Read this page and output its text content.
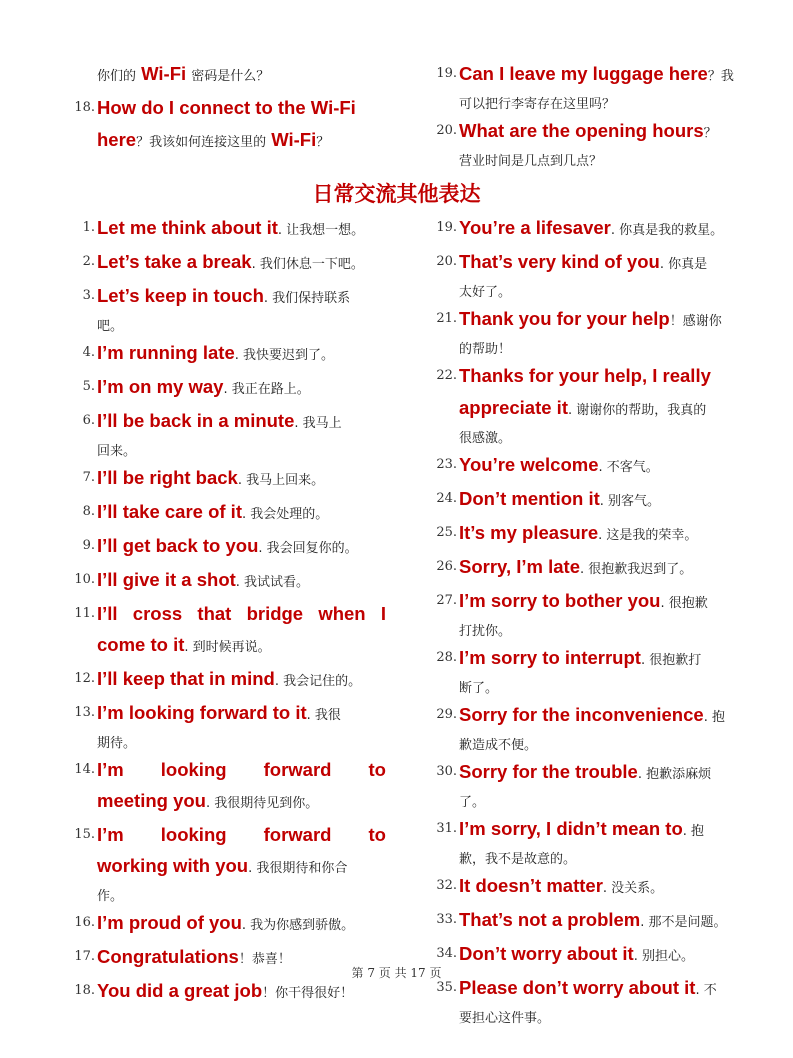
你们的 Wi-Fi 密码是什么？
18. How do I connect to the Wi-Fi
here？我该如何连接这里的 Wi-Fi？
19. Can I leave my luggage here？我
可以把行李寄存在这里吗？
20. What are the opening hours？
营业时间是几点到几点？
日常交流其他表达
1. Let me think about it. 让我想一想。
2. Let’s take a break. 我们休息一下吧。
3. Let’s keep in touch. 我们保持联系
吧。
4. I’m running late. 我快要迟到了。
5. I’m on my way. 我正在路上。
6. I’ll be back in a minute. 我马上
回来。
7. I’ll be right back. 我马上回来。
8. I’ll take care of it. 我会处理的。
9. I’ll get back to you. 我会回复你的。
10. I’ll give it a shot. 我试试看。
11. I’ll cross that bridge when I
come to it. 到时候再说。
12. I’ll keep that in mind. 我会记住的。
13. I’m looking forward to it. 我很
期待。
14. I’m looking forward to
meeting you. 我很期待见到你。
15. I’m looking forward to
working with you. 我很期待和你合
作。
16. I’m proud of you. 我为你感到骄傲。
17. Congratulations！恭喜！
18. You did a great job！你干得很好！
19. You’re a lifesaver. 你真是我的救星。
20. That’s very kind of you. 你真是
太好了。
21. Thank you for your help！感谢你
的帮助！
22. Thanks for your help, I really
appreciate it. 谢谢你的帮助，我真的
很感激。
23. You’re welcome. 不客气。
24. Don’t mention it. 别客气。
25. It’s my pleasure. 这是我的荣幸。
26. Sorry, I’m late. 很抱歉我迟到了。
27. I’m sorry to bother you. 很抱歉
打扰你。
28. I’m sorry to interrupt. 很抱歉打
断了。
29. Sorry for the inconvenience. 抱
歉造成不便。
30. Sorry for the trouble. 抱歉添麻烦
了。
31. I’m sorry, I didn’t mean to. 抱
歉，我不是故意的。
32. It doesn’t matter. 没关系。
33. That’s not a problem. 那不是问题。
34. Don’t worry about it. 别担心。
35. Please don’t worry about it. 不
要担心这件事。
第 7 页 共 17 页
